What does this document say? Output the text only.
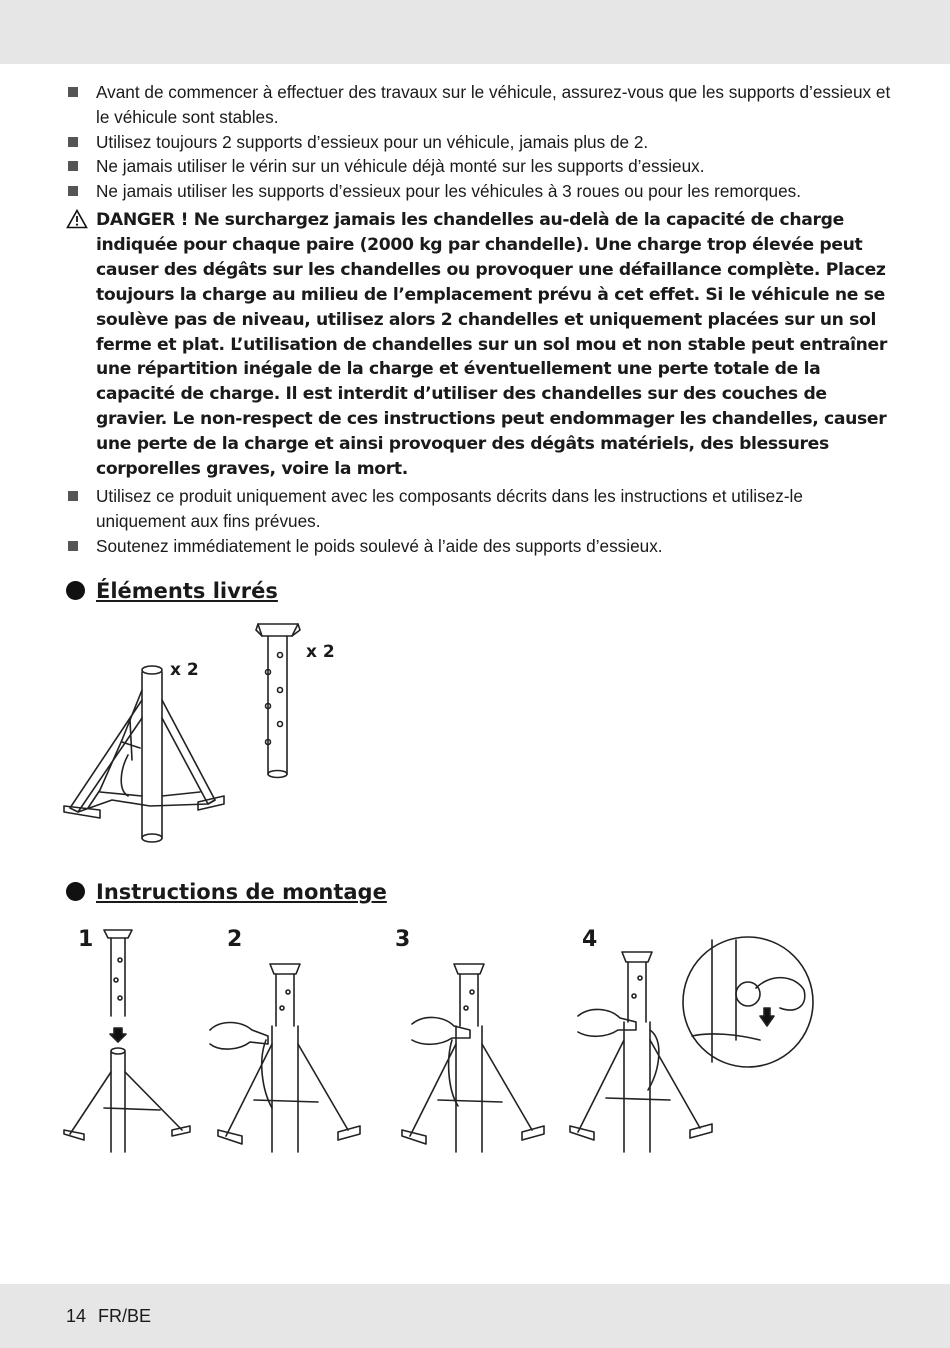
Avant de commencer à effectuer des travaux sur le véhicule, assurez-vous que les supports d’essieux et le véhicule sont stables.
Utilisez toujours 2 supports d’essieux pour un véhicule, jamais plus de 2.
Ne jamais utiliser le vérin sur un véhicule déjà monté sur les supports d’essieux.
Ne jamais utiliser les supports d’essieux pour les véhicules à 3 roues ou pour les remorques.
DANGER ! Ne surchargez jamais les chandelles au-delà de la capacité de charge indiquée pour chaque paire (2000 kg par chandelle). Une charge trop élevée peut causer des dégâts sur les chandelles ou provoquer une défaillance complète. Placez toujours la charge au milieu de l’emplacement prévu à cet effet. Si le véhicule ne se soulève pas de niveau, utilisez alors 2 chandelles et uniquement placées sur un sol ferme et plat. L’utilisation de chandelles sur un sol mou et non stable peut entraîner une répartition inégale de la charge et éventuellement une perte totale de la capacité de charge. Il est interdit d’utiliser des chandelles sur des couches de gravier. Le non-respect de ces instructions peut endommager les chandelles, causer une perte de la charge et ainsi provoquer des dégâts matériels, des blessures corporelles graves, voire la mort.
Utilisez ce produit uniquement avec les composants décrits dans les instructions et utilisez-le uniquement aux fins prévues.
Soutenez immédiatement le poids soulevé à l’aide des supports d’essieux.
Éléments livrés
x 2
x 2
Instructions de montage
1	2	3	4
14 FR/BE
